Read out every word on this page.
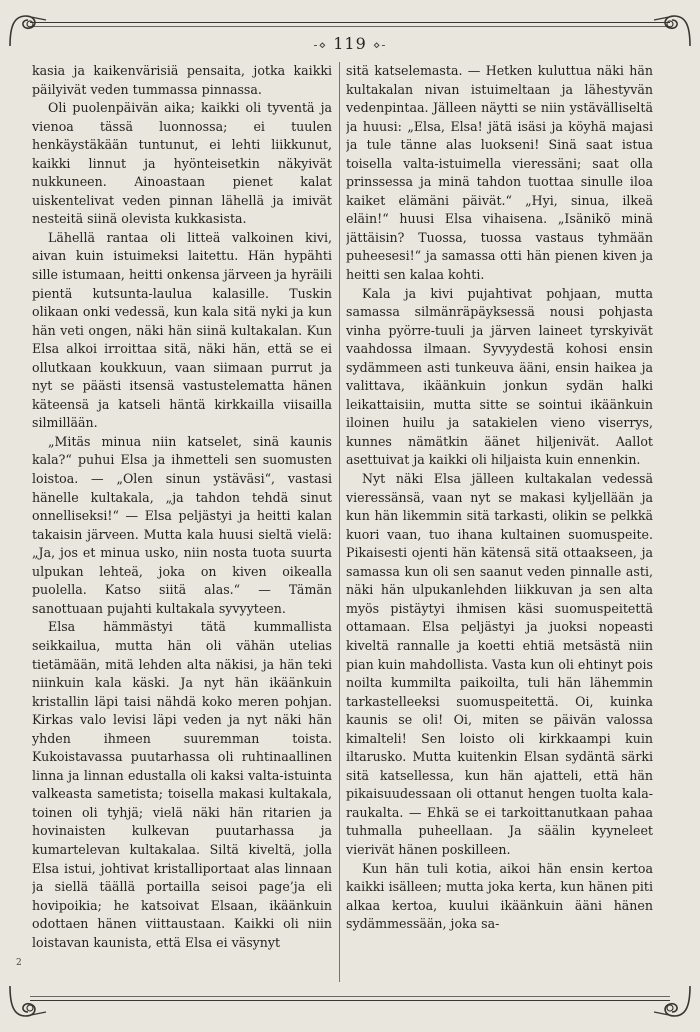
-⋄ 119 ⋄-

kasia ja kaikenvärisiä pensaita, jotka kaikki päilyivät veden tummassa pinnassa.

Oli puolenpäivän aika; kaikki oli tyventä ja vienoa tässä luonnossa; ei tuulen henkäystäkään tuntunut, ei lehti liikkunut, kaikki linnut ja hyönteisetkin näkyivät nukkuneen. Ainoastaan pienet kalat uiskentelivat veden pinnan lähellä ja imivät nesteitä siinä olevista kukkasista.

Lähellä rantaa oli litteä valkoinen kivi, aivan kuin istuimeksi laitettu. Hän hypähti sille istumaan, heitti onkensa järveen ja hyräili pientä kutsunta-laulua kalasille. Tuskin olikaan onki vedessä, kun kala sitä nyki ja kun hän veti ongen, näki hän siinä kultakalan. Kun Elsa alkoi irroittaa sitä, näki hän, että se ei ollutkaan koukkuun, vaan siimaan purrut ja nyt se päästi itsensä vastustelematta hänen käteensä ja katseli häntä kirkkailla viisailla silmillään.

„Mitäs minua niin katselet, sinä kaunis kala?“ puhui Elsa ja ihmetteli sen suomusten loistoa. — „Olen sinun ystäväsi“, vastasi hänelle kultakala, „ja tahdon tehdä sinut onnelliseksi!“ — Elsa peljästyi ja heitti kalan takaisin järveen. Mutta kala huusi sieltä vielä: „Ja, jos et minua usko, niin nosta tuota suurta ulpukan lehteä, joka on kiven oikealla puolella. Katso siitä alas.“ — Tämän sanottuaan pujahti kultakala syvyyteen.

Elsa hämmästyi tätä kummallista seikkailua, mutta hän oli vähän utelias tietämään, mitä lehden alta näkisi, ja hän teki niinkuin kala käski. Ja nyt hän ikäänkuin kristallin läpi taisi nähdä koko meren pohjan. Kirkas valo levisi läpi veden ja nyt näki hän yhden ihmeen suuremman toista. Kukoistavassa puutarhassa oli ruhtinaallinen linna ja linnan edustalla oli kaksi valta-istuinta valkeasta sametista; toisella makasi kultakala, toinen oli tyhjä; vielä näki hän ritarien ja hovinaisten kulkevan puutarhassa ja kumartelevan kultakalaa. Siltä kiveltä, jolla Elsa istui, johtivat kristalliportaat alas linnaan ja siellä täällä portailla seisoi page’ja eli hovipoikia; he katsoivat Elsaan, ikäänkuin odottaen hänen viittaustaan. Kaikki oli niin loistavan kaunista, että Elsa ei väsynyt

sitä katselemasta. — Hetken kuluttua näki hän kultakalan nivan istuimeltaan ja lähestyvän vedenpintaa. Jälleen näytti se niin ystävälliseltä ja huusi: „Elsa, Elsa! jätä isäsi ja köyhä majasi ja tule tänne alas luokseni! Sinä saat istua toisella valta-istuimella vieressäni; saat olla prinssessa ja minä tahdon tuottaa sinulle iloa kaiket elämäni päivät.“ „Hyi, sinua, ilkeä eläin!“ huusi Elsa vihaisena. „Isänikö minä jättäisin? Tuossa, tuossa vastaus tyhmään puheesesi!“ ja samassa otti hän pienen kiven ja heitti sen kalaa kohti.

Kala ja kivi pujahtivat pohjaan, mutta samassa silmänräpäyksessä nousi pohjasta vinha pyörre-tuuli ja järven laineet tyrskyivät vaahdossa ilmaan. Syvyydestä kohosi ensin sydämmeen asti tunkeuva ääni, ensin haikea ja valittava, ikäänkuin jonkun sydän halki leikattaisiin, mutta sitte se sointui ikäänkuin iloinen huilu ja satakielen vieno viserrys, kunnes nämätkin äänet hiljenivät. Aallot asettuivat ja kaikki oli hiljaista kuin ennenkin.

Nyt näki Elsa jälleen kultakalan vedessä vieressänsä, vaan nyt se makasi kyljellään ja kun hän likemmin sitä tarkasti, olikin se pelkkä kuori vaan, tuo ihana kultainen suomuspeite. Pikaisesti ojenti hän kätensä sitä ottaakseen, ja samassa kun oli sen saanut veden pinnalle asti, näki hän ulpukanlehden liikkuvan ja sen alta myös pistäytyi ihmisen käsi suomuspeitettä ottamaan. Elsa peljästyi ja juoksi nopeasti kiveltä rannalle ja koetti ehtiä metsästä niin pian kuin mahdollista. Vasta kun oli ehtinyt pois noilta kummilta paikoilta, tuli hän lähemmin tarkastelleeksi suomuspeitettä. Oi, kuinka kaunis se oli! Oi, miten se päivän valossa kimalteli! Sen loisto oli kirkkaampi kuin iltarusko. Mutta kuitenkin Elsan sydäntä särki sitä katsellessa, kun hän ajatteli, että hän pikaisuudessaan oli ottanut hengen tuolta kala-raukalta. — Ehkä se ei tarkoittanutkaan pahaa tuhmalla puheellaan. Ja säälin kyyneleet vierivät hänen poskilleen.

Kun hän tuli kotia, aikoi hän ensin kertoa kaikki isälleen; mutta joka kerta, kun hänen piti alkaa kertoa, kuului ikäänkuin ääni hänen sydämmessään, joka sa-

2
